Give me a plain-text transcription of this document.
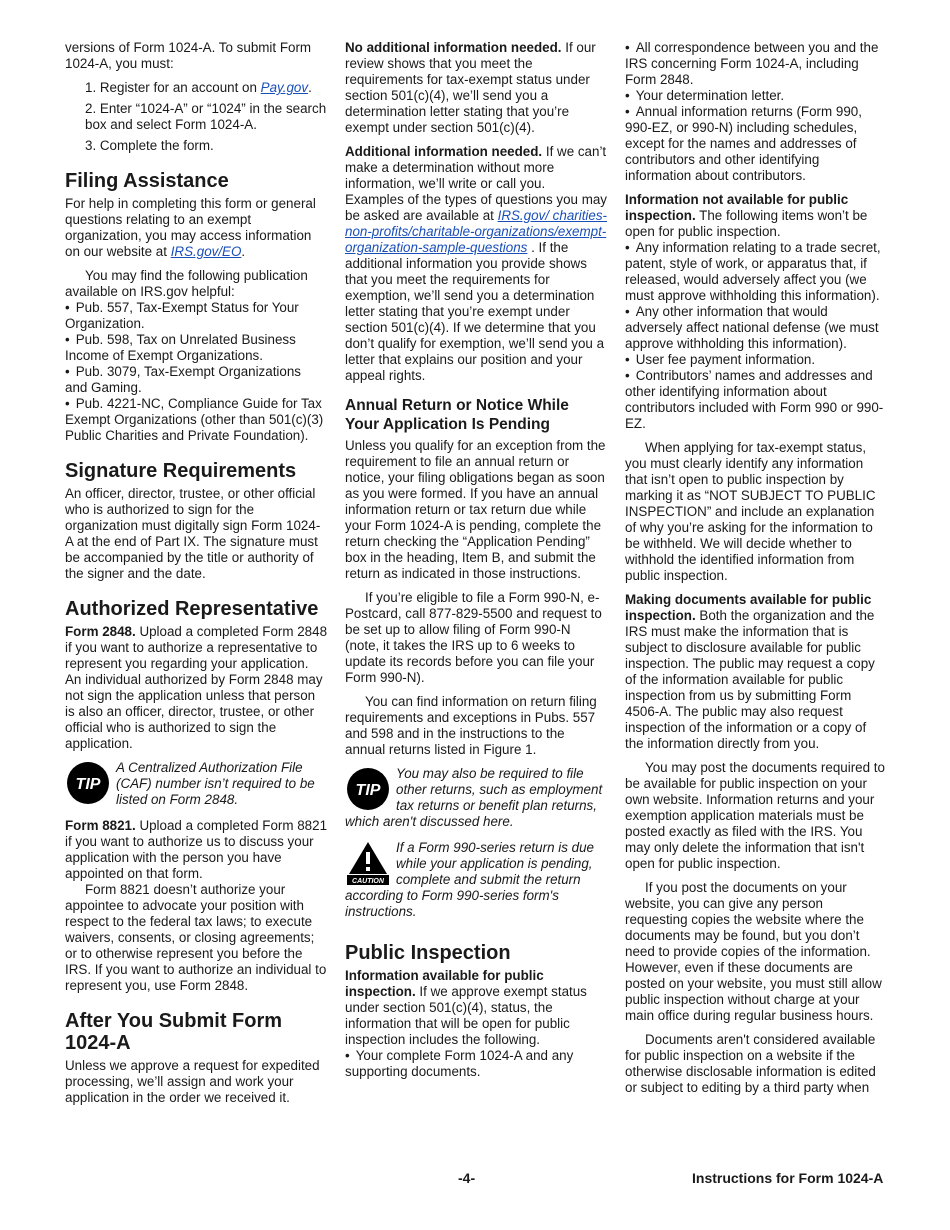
versions of Form 1024-A. To submit Form 1024-A, you must:

1. Register for an account on Pay.gov.

2. Enter “1024-A” or “1024” in the search box and select Form 1024-A.

3. Complete the form.

Filing Assistance

For help in completing this form or general questions relating to an exempt organization, you may access information on our website at IRS.gov/EO.

You may find the following publication available on IRS.gov helpful:

• Pub. 557, Tax-Exempt Status for Your Organization.
• Pub. 598, Tax on Unrelated Business Income of Exempt Organizations.
• Pub. 3079, Tax-Exempt Organizations and Gaming.
• Pub. 4221-NC, Compliance Guide for Tax Exempt Organizations (other than 501(c)(3) Public Charities and Private Foundation).
Signature Requirements

An officer, director, trustee, or other official who is authorized to sign for the organization must digitally sign Form 1024-A at the end of Part IX. The signature must be accompanied by the title or authority of the signer and the date.

Authorized Representative

Form 2848. Upload a completed Form 2848 if you want to authorize a representative to represent you regarding your application. An individual authorized by Form 2848 may not sign the application unless that person is also an officer, director, trustee, or other official who is authorized to sign the application.

TIP
A Centralized Authorization File (CAF) number isn’t required to be listed on Form 2848.

Form 8821. Upload a completed Form 8821 if you want to authorize us to discuss your application with the person you have appointed on that form.

Form 8821 doesn’t authorize your appointee to advocate your position with respect to the federal tax laws; to execute waivers, consents, or closing agreements; or to otherwise represent you before the IRS. If you want to authorize an individual to represent you, use Form 2848.

After You Submit Form 1024-A

Unless we approve a request for expedited processing, we’ll assign and work your application in the order we received it.

No additional information needed. If our review shows that you meet the requirements for tax-exempt status under section 501(c)(4), we’ll send you a determination letter stating that you’re exempt under section 501(c)(4).

Additional information needed. If we can’t make a determination without more information, we’ll write or call you. Examples of the types of questions you may be asked are available at IRS.gov/ charities-non-profits/charitable-organizations/exempt-organization-sample-questions . If the additional information you provide shows that you meet the requirements for exemption, we’ll send you a determination letter stating that you’re exempt under section 501(c)(4). If we determine that you don’t qualify for exemption, we’ll send you a letter that explains our position and your appeal rights.

Annual Return or Notice While Your Application Is Pending

Unless you qualify for an exception from the requirement to file an annual return or notice, your filing obligations began as soon as you were formed. If you have an annual information return or tax return due while your Form 1024-A is pending, complete the return checking the “Application Pending” box in the heading, Item B, and submit the return as indicated in those instructions.

If you’re eligible to file a Form 990-N, e-Postcard, call 877-829-5500 and request to be set up to allow filing of Form 990-N (note, it takes the IRS up to 6 weeks to update its records before you can file your Form 990-N).

You can find information on return filing requirements and exceptions in Pubs. 557 and 598 and in the instructions to the annual returns listed in Figure 1.

TIP
You may also be required to file other returns, such as employment tax returns or benefit plan returns, which aren't discussed here.
CAUTION
If a Form 990-series return is due while your application is pending, complete and submit the return according to Form 990-series form's instructions.
Public Inspection

Information available for public inspection. If we approve exempt status under section 501(c)(4), status, the information that will be open for public inspection includes the following.

• Your complete Form 1024-A and any supporting documents.
• All correspondence between you and the IRS concerning Form 1024-A, including Form 2848.
• Your determination letter.
• Annual information returns (Form 990, 990-EZ, or 990-N) including schedules, except for the names and addresses of contributors and other identifying information about contributors.

Information not available for public inspection. The following items won’t be open for public inspection.

• Any information relating to a trade secret, patent, style of work, or apparatus that, if released, would adversely affect you (we must approve withholding this information).
• Any other information that would adversely affect national defense (we must approve withholding this information).
• User fee payment information.
• Contributors’ names and addresses and other identifying information about contributors included with Form 990 or 990-EZ.

When applying for tax-exempt status, you must clearly identify any information that isn’t open to public inspection by marking it as “NOT SUBJECT TO PUBLIC INSPECTION” and include an explanation of why you’re asking for the information to be withheld. We will decide whether to withhold the identified information from public inspection.

Making documents available for public inspection. Both the organization and the IRS must make the information that is subject to disclosure available for public inspection. The public may request a copy of the information available for public inspection from us by submitting Form 4506-A. The public may also request inspection of the information or a copy of the information directly from you.

You may post the documents required to be available for public inspection on your own website. Information returns and your exemption application materials must be posted exactly as filed with the IRS. You may only delete the information that isn't open for public inspection.

If you post the documents on your website, you can give any person requesting copies the website where the documents may be found, but you don’t need to provide copies of the information. However, even if these documents are posted on your website, you must still allow public inspection without charge at your main office during regular business hours.

Documents aren't considered available for public inspection on a website if the otherwise disclosable information is edited or subject to editing by a third party when

-4-	Instructions for Form 1024-A
